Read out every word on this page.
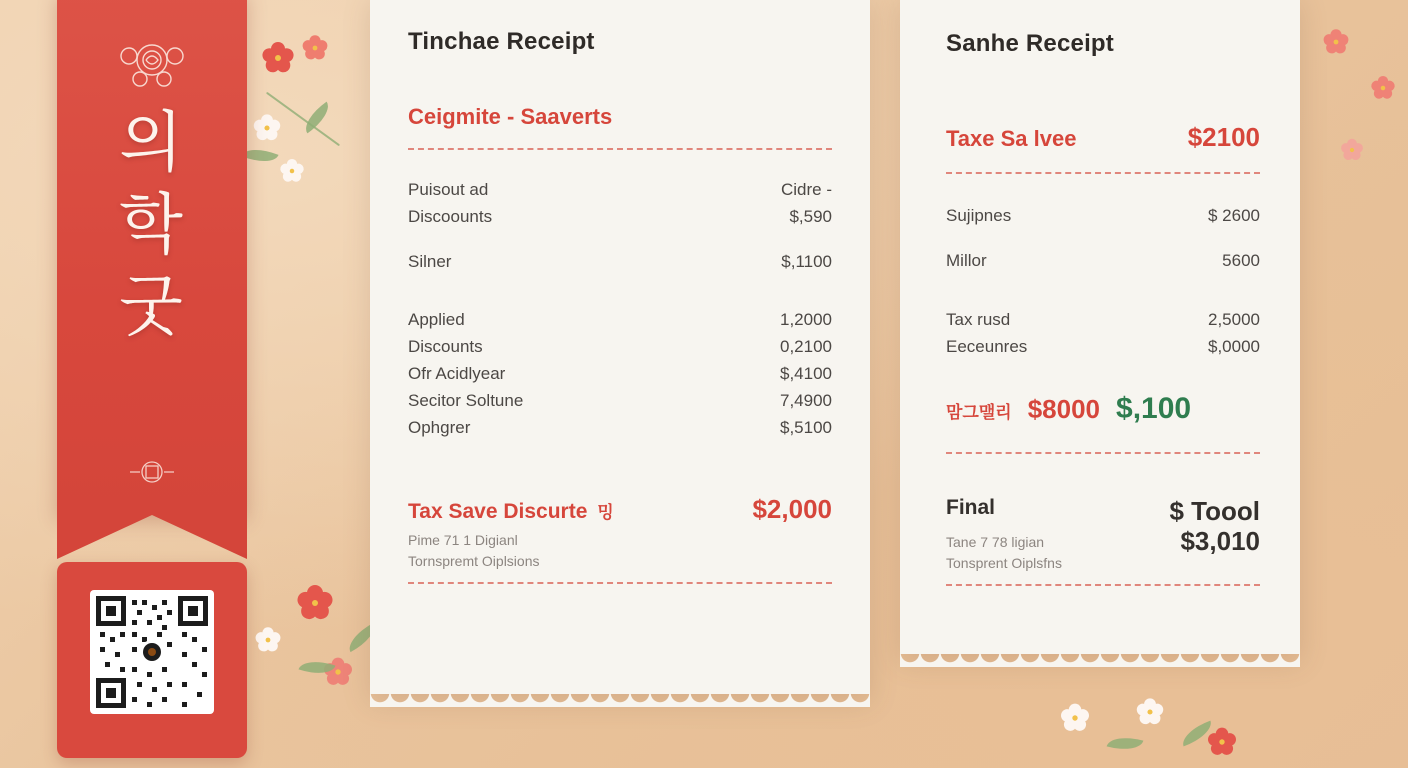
의
학
굿
Tinchae Receipt
Ceigmite - Saaverts
Puisout ad	Cidre -
Discoounts	$,590
Silner	$,1100
Applied	1,2000
Discounts	0,2100
Ofr Acidlyear	$,4100
Secitor Soltune	7,4900
Ophgrer	$,5100
Tax Save Discurte 밍	$2,000
Pime 71 1 Digianl
Tornspremt Oiplsions
Sanhe Receipt
Taxe Sa lvee	$2100
Sujipnes	$ 2600
Millor	5600
Tax rusd	2,5000
Eeceunres	$,0000
맘그맬리 $8000 $,100
Final	$ Toool
$3,010
Tane 7 78 ligian
Tonsprent Oiplsfns
